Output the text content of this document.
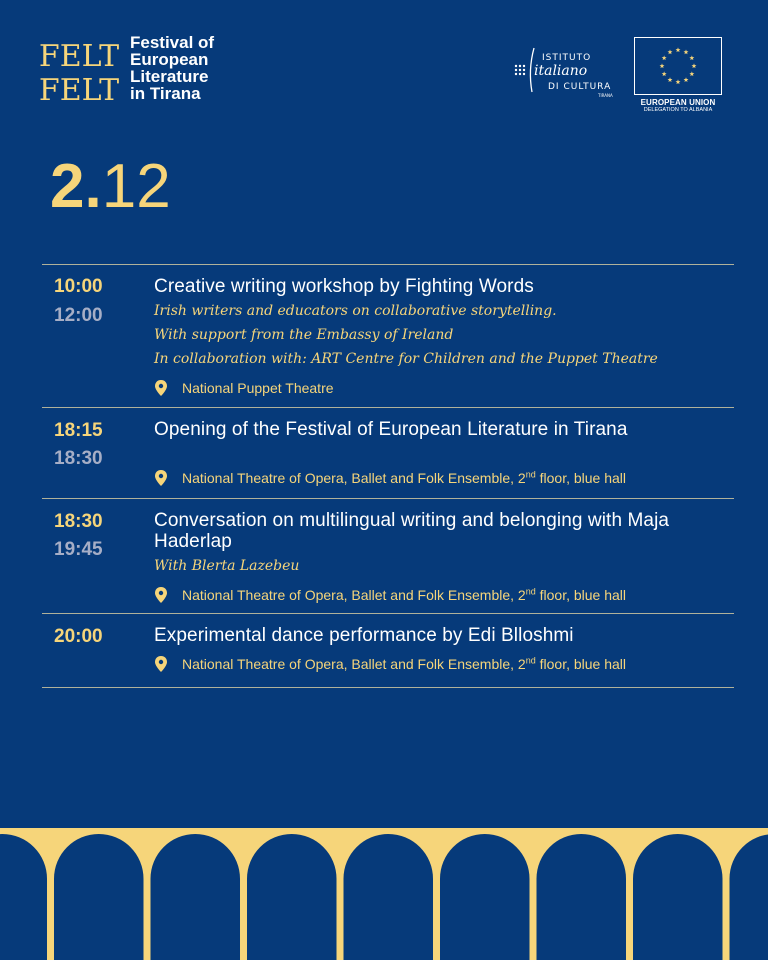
FELT
FELT
Festival of
European
Literature
in Tirana
ISTITUTO
italiano
DI CULTURA
TIRANA
EUROPEAN UNION
DELEGATION TO ALBANIA
2.12
10:00
12:00
Creative writing workshop by Fighting Words
Irish writers and educators on collaborative storytelling.
With support from the Embassy of Ireland
In collaboration with: ART Centre for Children and the Puppet Theatre
National Puppet Theatre
18:15
18:30
Opening of the Festival of European Literature in Tirana
National Theatre of Opera, Ballet and Folk Ensemble, 2nd floor, blue hall
18:30
19:45
Conversation on multilingual writing and belonging with Maja Haderlap
With Blerta Lazebeu
National Theatre of Opera, Ballet and Folk Ensemble, 2nd floor, blue hall
20:00	Experimental dance performance by Edi Blloshmi
National Theatre of Opera, Ballet and Folk Ensemble, 2nd floor, blue hall
